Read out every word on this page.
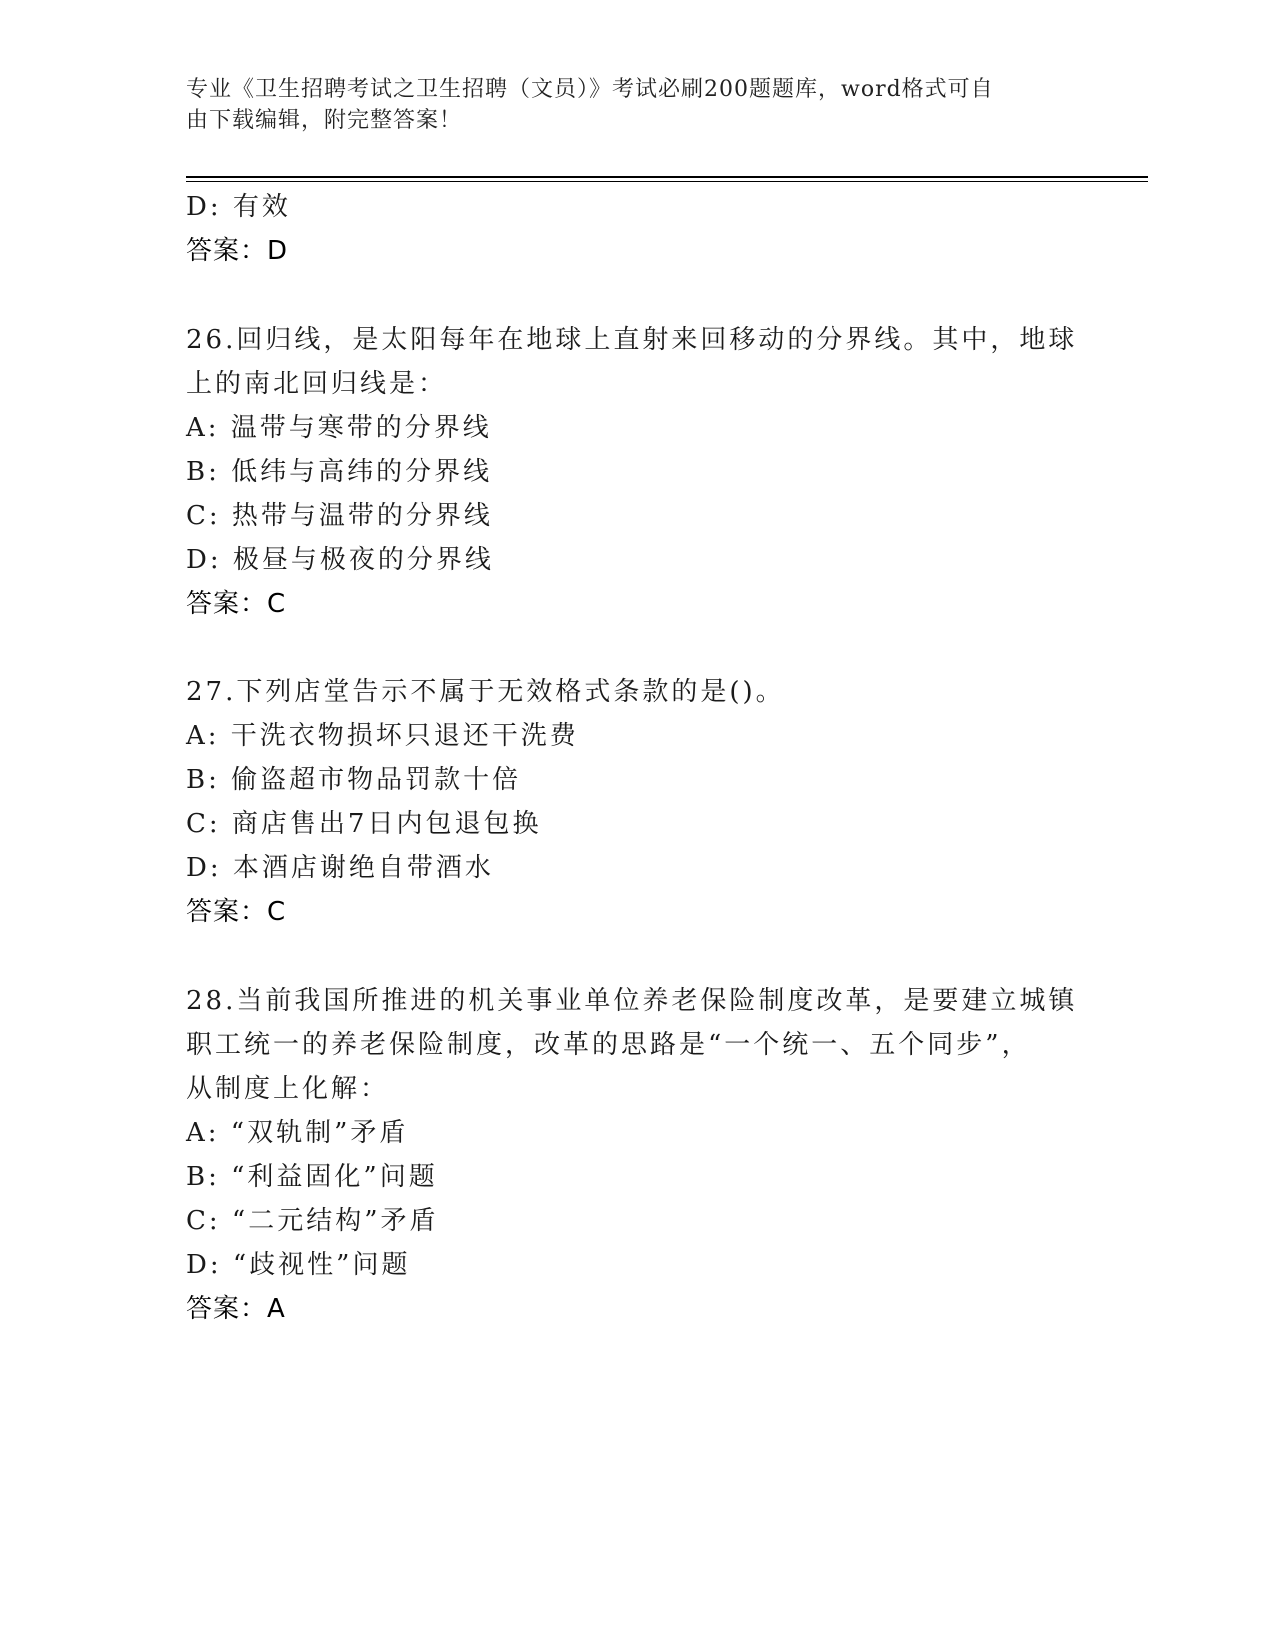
专业《卫生招聘考试之卫生招聘（文员）》考试必刷200题题库，word格式可自
由下载编辑，附完整答案！
D: 有效
答案：D
26.回归线，是太阳每年在地球上直射来回移动的分界线。其中，地球
上的南北回归线是：
A: 温带与寒带的分界线
B: 低纬与高纬的分界线
C: 热带与温带的分界线
D: 极昼与极夜的分界线
答案：C
27.下列店堂告示不属于无效格式条款的是()。
A: 干洗衣物损坏只退还干洗费
B: 偷盗超市物品罚款十倍
C: 商店售出7日内包退包换
D: 本酒店谢绝自带酒水
答案：C
28.当前我国所推进的机关事业单位养老保险制度改革，是要建立城镇
职工统一的养老保险制度，改革的思路是“一个统一、五个同步”，
从制度上化解：
A: “双轨制”矛盾
B: “利益固化”问题
C: “二元结构”矛盾
D: “歧视性”问题
答案：A
